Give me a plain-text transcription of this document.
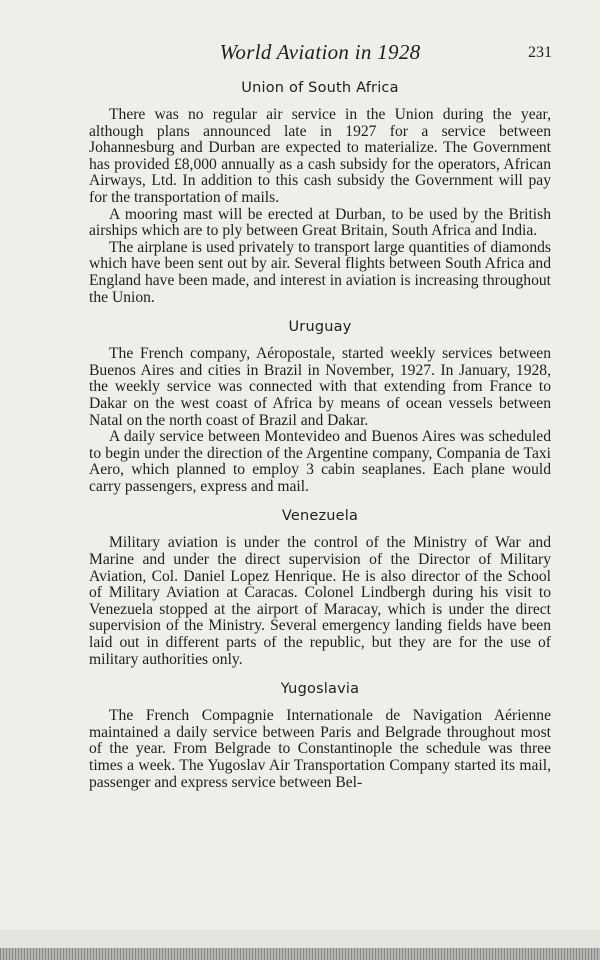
World Aviation in 1928	231
Union of South Africa

There was no regular air service in the Union during the year, although plans announced late in 1927 for a service between Johannesburg and Durban are expected to materialize. The Government has provided £8,000 annually as a cash subsidy for the operators, African Airways, Ltd. In addition to this cash subsidy the Government will pay for the transportation of mails.

A mooring mast will be erected at Durban, to be used by the British airships which are to ply between Great Britain, South Africa and India.

The airplane is used privately to transport large quantities of diamonds which have been sent out by air. Several flights between South Africa and England have been made, and interest in aviation is increasing throughout the Union.

Uruguay

The French company, Aéropostale, started weekly services between Buenos Aires and cities in Brazil in November, 1927. In January, 1928, the weekly service was connected with that extending from France to Dakar on the west coast of Africa by means of ocean vessels between Natal on the north coast of Brazil and Dakar.

A daily service between Montevideo and Buenos Aires was scheduled to begin under the direction of the Argentine company, Compania de Taxi Aero, which planned to employ 3 cabin seaplanes. Each plane would carry passengers, express and mail.

Venezuela

Military aviation is under the control of the Ministry of War and Marine and under the direct supervision of the Director of Military Aviation, Col. Daniel Lopez Henrique. He is also director of the School of Military Aviation at Caracas. Colonel Lindbergh during his visit to Venezuela stopped at the airport of Maracay, which is under the direct supervision of the Ministry. Several emergency landing fields have been laid out in different parts of the republic, but they are for the use of military authorities only.

Yugoslavia

The French Compagnie Internationale de Navigation Aérienne maintained a daily service between Paris and Belgrade throughout most of the year. From Belgrade to Constantinople the schedule was three times a week. The Yugoslav Air Transportation Company started its mail, passenger and express service between Bel-
